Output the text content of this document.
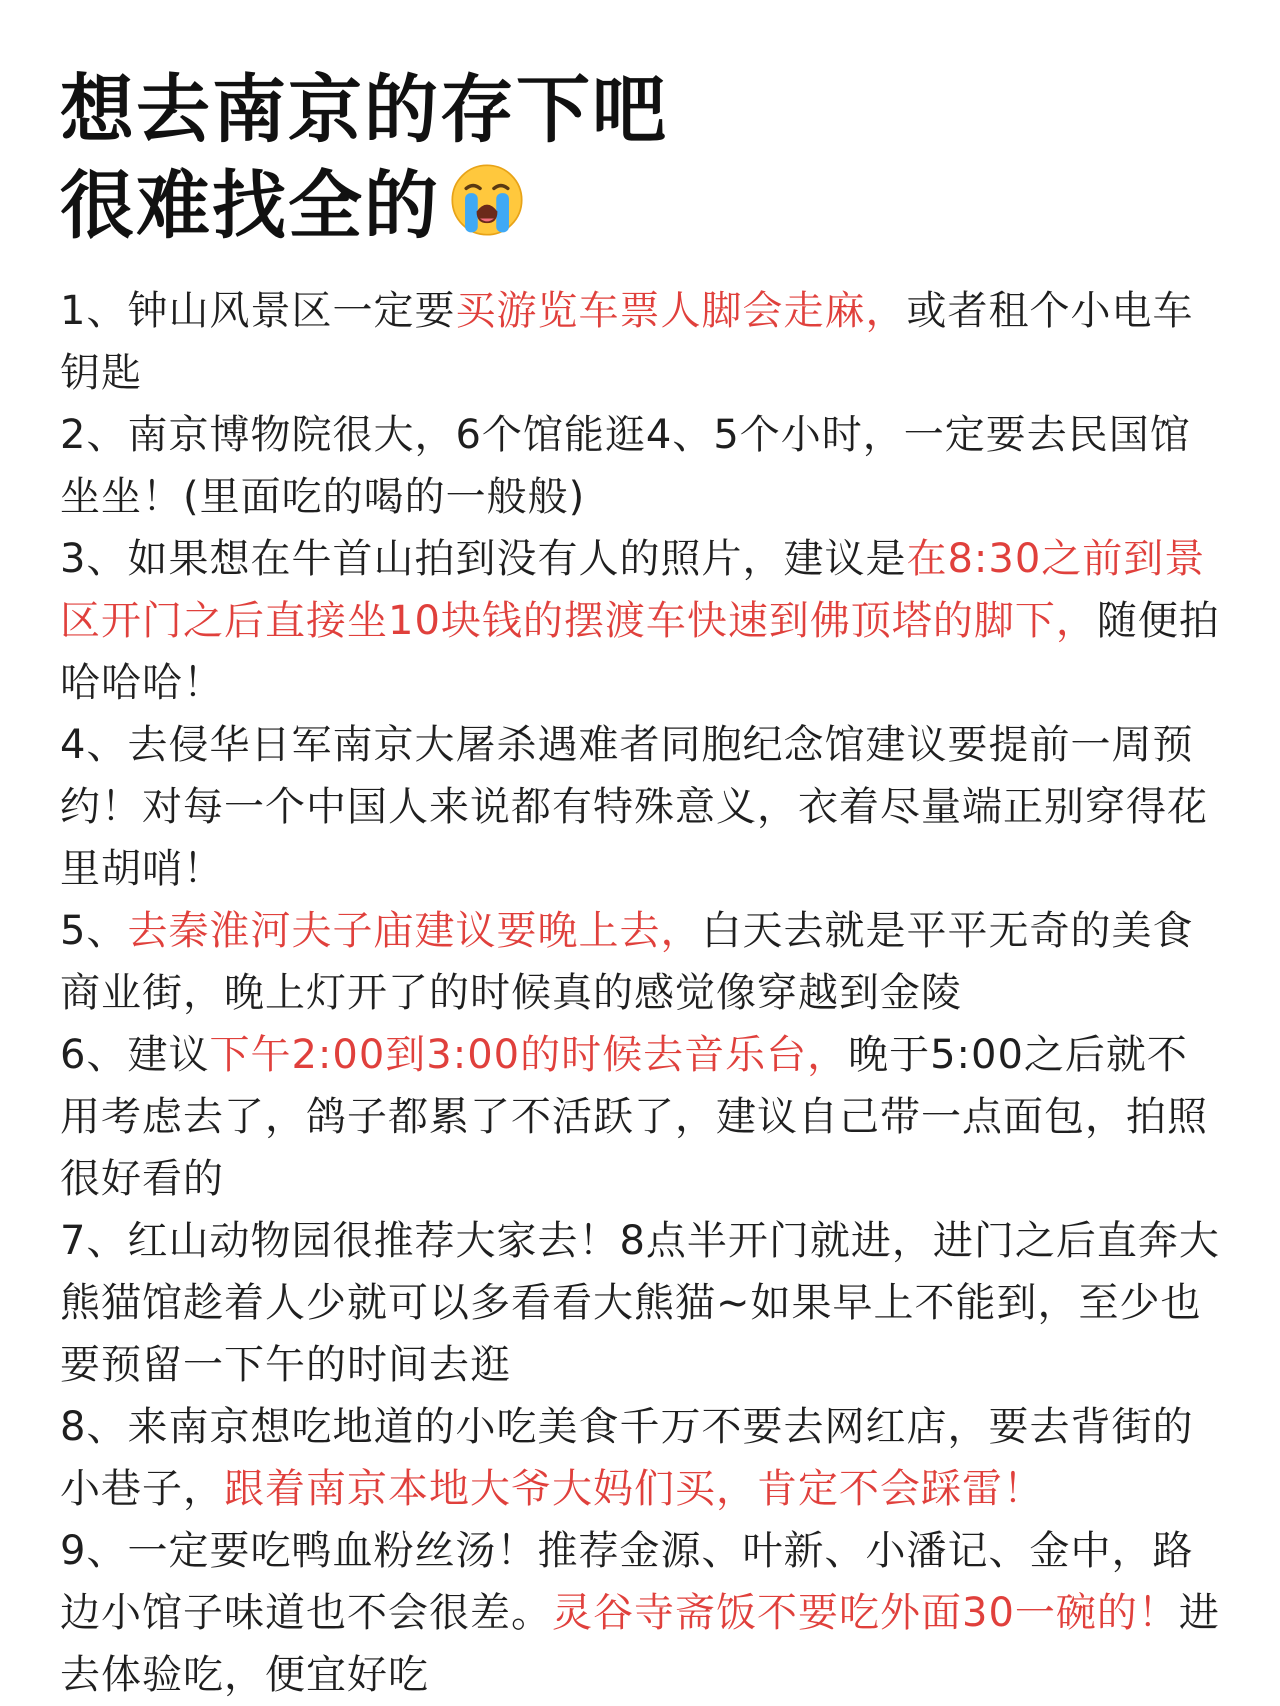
想去南京的存下吧
很难找全的

1、钟山风景区一定要买游览车票人脚会走麻，或者租个小电车钥匙

2、南京博物院很大，6个馆能逛4、5个小时，一定要去民国馆坐坐！(里面吃的喝的一般般)

3、如果想在牛首山拍到没有人的照片，建议是在8:30之前到景区开门之后直接坐10块钱的摆渡车快速到佛顶塔的脚下，随便拍哈哈哈！

4、去侵华日军南京大屠杀遇难者同胞纪念馆建议要提前一周预约！对每一个中国人来说都有特殊意义，衣着尽量端正别穿得花里胡哨！

5、去秦淮河夫子庙建议要晚上去，白天去就是平平无奇的美食商业街，晚上灯开了的时候真的感觉像穿越到金陵

6、建议下午2:00到3:00的时候去音乐台，晚于5:00之后就不用考虑去了，鸽子都累了不活跃了，建议自己带一点面包，拍照很好看的

7、红山动物园很推荐大家去！8点半开门就进，进门之后直奔大熊猫馆趁着人少就可以多看看大熊猫~如果早上不能到，至少也要预留一下午的时间去逛

8、来南京想吃地道的小吃美食千万不要去网红店，要去背街的小巷子，跟着南京本地大爷大妈们买，肯定不会踩雷！

9、一定要吃鸭血粉丝汤！推荐金源、叶新、小潘记、金中，路边小馆子味道也不会很差。灵谷寺斋饭不要吃外面30一碗的！进去体验吃，便宜好吃
